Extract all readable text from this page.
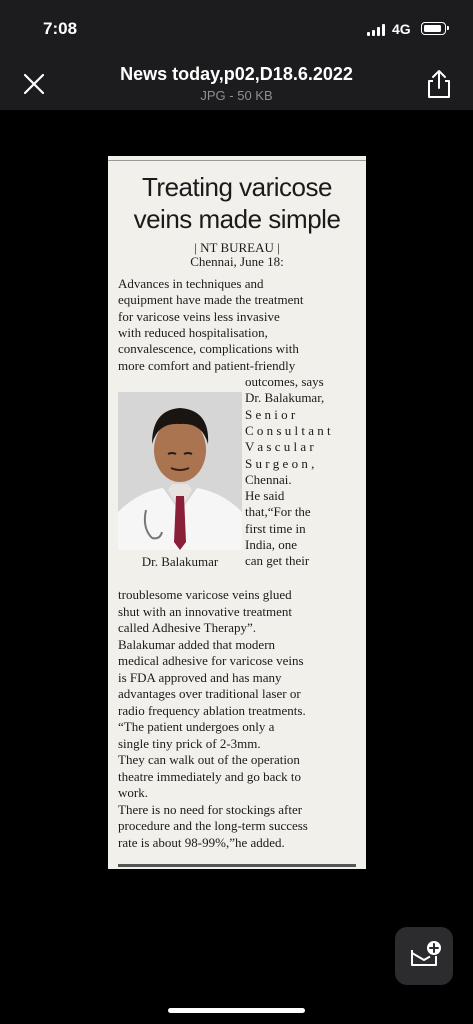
7:08	4G
News today,p02,D18.6.2022
JPG - 50 KB
Treating varicose
veins made simple
| NT BUREAU |
Chennai, June 18:
Advances in techniques and
equipment have made the treatment
for varicose veins less invasive
with reduced hospitalisation,
convalescence, complications with
more comfort and patient-friendly
Dr. Balakumar
outcomes, says
Dr. Balakumar,
S e n i o r
C o n s u l t a n t
V a s c u l a r
S u r g e o n ,
Chennai.
He said
that,“For the
first time in
India, one
can get their
troublesome varicose veins glued
shut with an innovative treatment
called Adhesive Therapy”.
Balakumar added that modern
medical adhesive for varicose veins
is FDA approved and has many
advantages over traditional laser or
radio frequency ablation treatments.
“The patient undergoes only a
single tiny prick of 2-3mm.
They can walk out of the operation
theatre immediately and go back to
work.
There is no need for stockings after
procedure and the long-term success
rate is about 98-99%,”he added.
